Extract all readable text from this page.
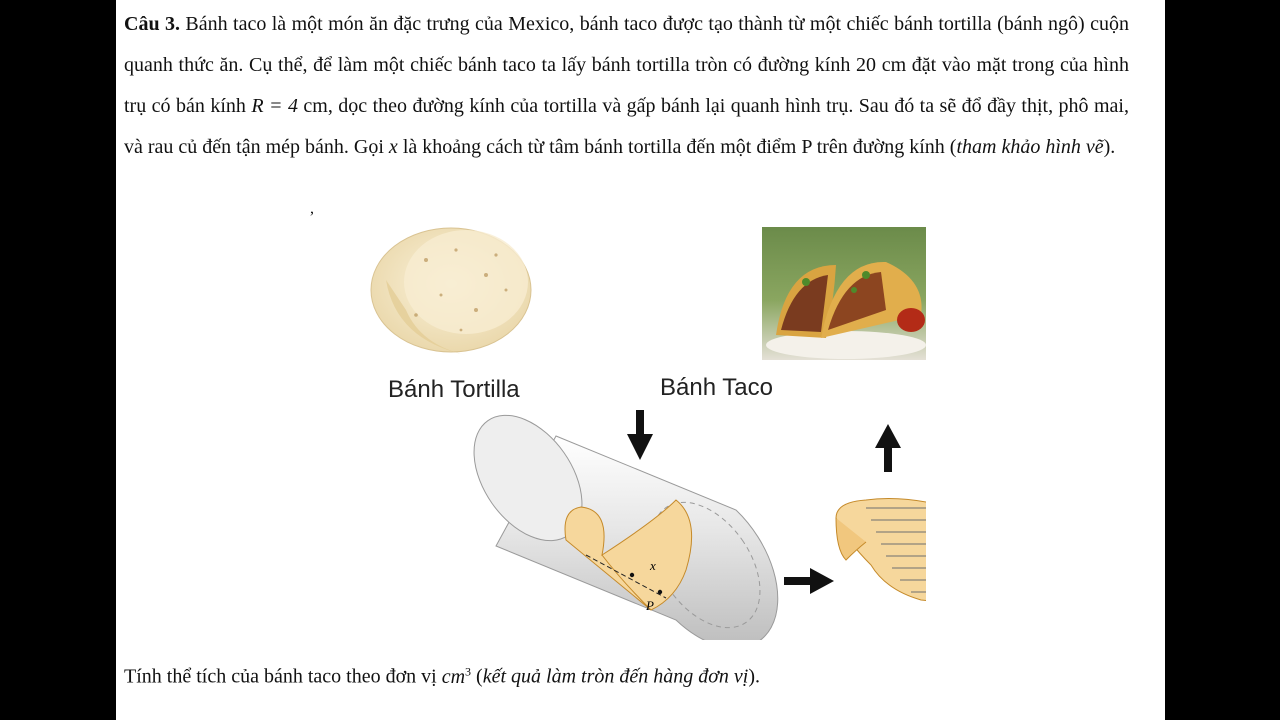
Câu 3. Bánh taco là một món ăn đặc trưng của Mexico, bánh taco được tạo thành từ một chiếc bánh tortilla (bánh ngô) cuộn quanh thức ăn. Cụ thể, để làm một chiếc bánh taco ta lấy bánh tortilla tròn có đường kính 20 cm đặt vào mặt trong của hình trụ có bán kính R = 4 cm, dọc theo đường kính của tortilla và gấp bánh lại quanh hình trụ. Sau đó ta sẽ đổ đầy thịt, phô mai, và rau củ đến tận mép bánh. Gọi x là khoảng cách từ tâm bánh tortilla đến một điểm P trên đường kính (tham khảo hình vẽ).
,
x
P
Bánh Tortilla	Bánh Taco
Tính thể tích của bánh taco theo đơn vị $cm^3$ (kết quả làm tròn đến hàng đơn vị).
